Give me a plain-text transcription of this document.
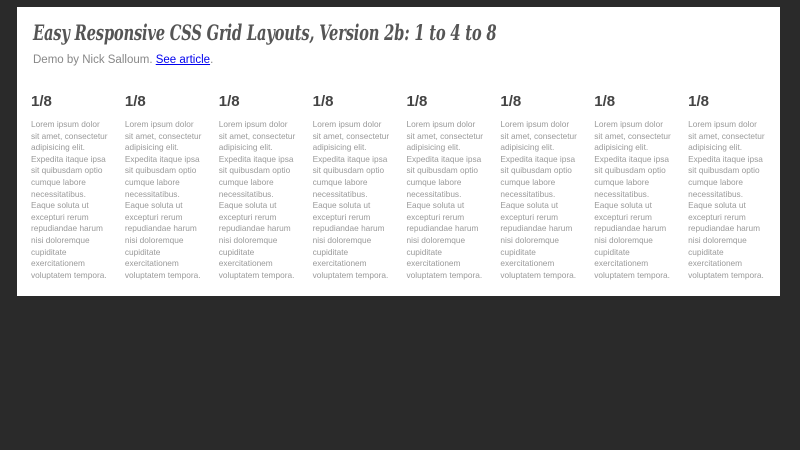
Easy Responsive CSS Grid Layouts, Version 2b: 1 to 4 to 8

Demo by Nick Salloum. See article.

1/8

Lorem ipsum dolor sit amet, consectetur adipisicing elit. Expedita itaque ipsa sit quibusdam optio cumque labore necessitatibus. Eaque soluta ut excepturi rerum repudiandae harum nisi doloremque cupiditate exercitationem voluptatem tempora.

1/8

Lorem ipsum dolor sit amet, consectetur adipisicing elit. Expedita itaque ipsa sit quibusdam optio cumque labore necessitatibus. Eaque soluta ut excepturi rerum repudiandae harum nisi doloremque cupiditate exercitationem voluptatem tempora.

1/8

Lorem ipsum dolor sit amet, consectetur adipisicing elit. Expedita itaque ipsa sit quibusdam optio cumque labore necessitatibus. Eaque soluta ut excepturi rerum repudiandae harum nisi doloremque cupiditate exercitationem voluptatem tempora.

1/8

Lorem ipsum dolor sit amet, consectetur adipisicing elit. Expedita itaque ipsa sit quibusdam optio cumque labore necessitatibus. Eaque soluta ut excepturi rerum repudiandae harum nisi doloremque cupiditate exercitationem voluptatem tempora.

1/8

Lorem ipsum dolor sit amet, consectetur adipisicing elit. Expedita itaque ipsa sit quibusdam optio cumque labore necessitatibus. Eaque soluta ut excepturi rerum repudiandae harum nisi doloremque cupiditate exercitationem voluptatem tempora.

1/8

Lorem ipsum dolor sit amet, consectetur adipisicing elit. Expedita itaque ipsa sit quibusdam optio cumque labore necessitatibus. Eaque soluta ut excepturi rerum repudiandae harum nisi doloremque cupiditate exercitationem voluptatem tempora.

1/8

Lorem ipsum dolor sit amet, consectetur adipisicing elit. Expedita itaque ipsa sit quibusdam optio cumque labore necessitatibus. Eaque soluta ut excepturi rerum repudiandae harum nisi doloremque cupiditate exercitationem voluptatem tempora.

1/8

Lorem ipsum dolor sit amet, consectetur adipisicing elit. Expedita itaque ipsa sit quibusdam optio cumque labore necessitatibus. Eaque soluta ut excepturi rerum repudiandae harum nisi doloremque cupiditate exercitationem voluptatem tempora.
